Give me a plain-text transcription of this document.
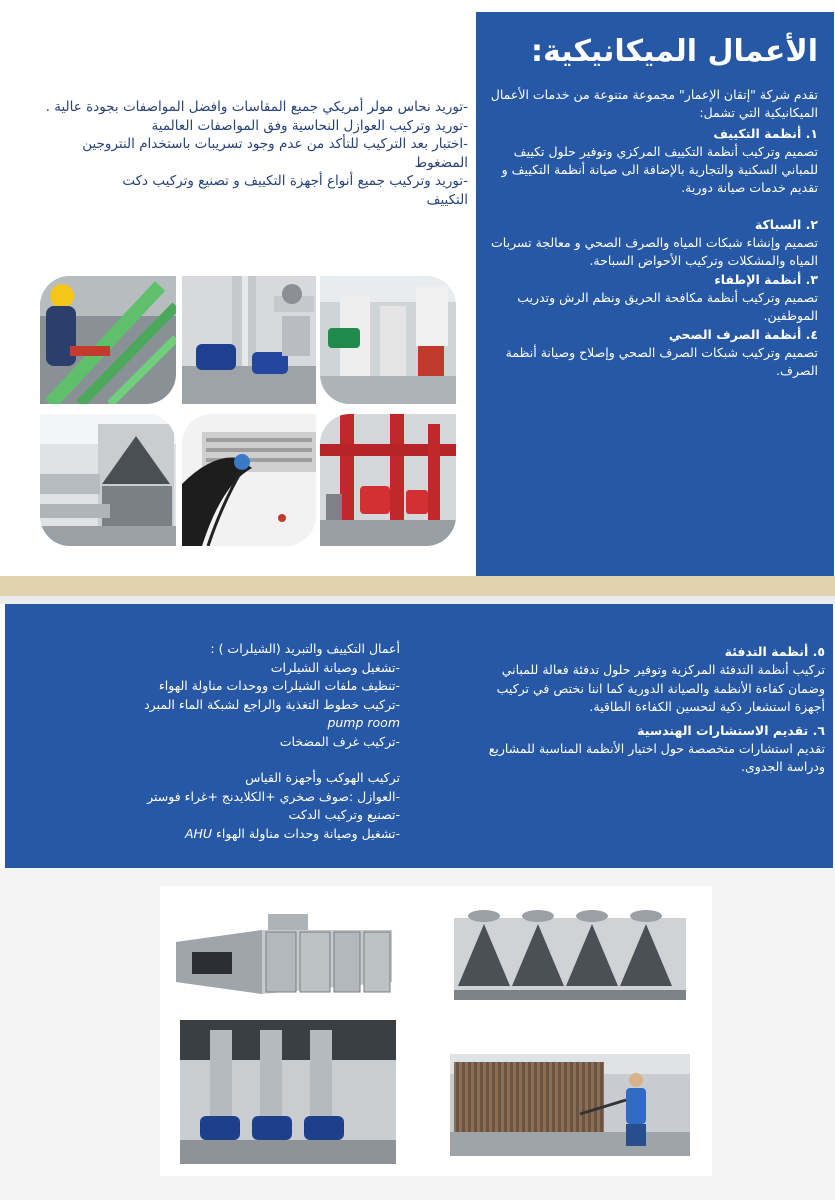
الأعمال الميكانيكية:

تقدم شركة "إتقان الإعمار" مجموعة متنوعة من خدمات الأعمال الميكانيكية التي تشمل:

١. أنظمة التكييف

تصميم وتركيب أنظمة التكييف المركزي وتوفير حلول تكييف للمباني السكنية والتجارية بالإضافة الى صيانة أنظمة التكييف و تقديم خدمات صيانة دورية.

٢. السباكة

تصميم وإنشاء شبكات المياه والصرف الصحي و معالجة تسربات المياه والمشكلات وتركيب الأحواض السباحة.

٣. أنظمة الإطفاء

تصميم وتركيب أنظمة مكافحة الحريق ونظم الرش وتدريب الموظفين.

٤. أنظمة الصرف الصحي

تصميم وتركيب شبكات الصرف الصحي وإصلاح وصيانة أنظمة الصرف.

-توريد نحاس مولر أمريكي جميع المقاسات وافضل المواصفات بجودة عالية .

-توريد وتركيب العوازل النحاسية وفق المواصفات العالمية

-اختبار بعد التركيب للتأكد من عدم وجود تسريبات باستخدام النتروجين المضغوط

-توريد وتركيب جميع أنواع أجهزة التكييف و تصنيع وتركيب دكت التكييف

٥. أنظمة التدفئة

تركيب أنظمة التدفئة المركزية وتوفير حلول تدفئة فعالة للمباني وضمان كفاءة الأنظمة والصيانة الدورية كما اننا نختص في تركيب أجهزة استشعار ذكية لتحسين الكفاءة الطاقية.

٦. تقديم الاستشارات الهندسية

تقديم استشارات متخصصة حول اختيار الأنظمة المناسبة للمشاريع ودراسة الجدوى.

أعمال التكييف والتبريد (الشيلرات ) :

-تشغيل وصيانة الشيلرات

-تنظيف ملفات الشيلرات ووحدات مناولة الهواء

-تركيب خطوط التغذية والراجع لشبكة الماء المبرد

pump room

-تركيب غرف المضخات

تركيب الهوكب وأجهزة القياس

-العوازل :صوف صخري +الكلايدنج +غراء فوستر

-تصنيع وتركيب الدكت

-تشغيل وصيانة وحدات مناولة الهواء AHU
